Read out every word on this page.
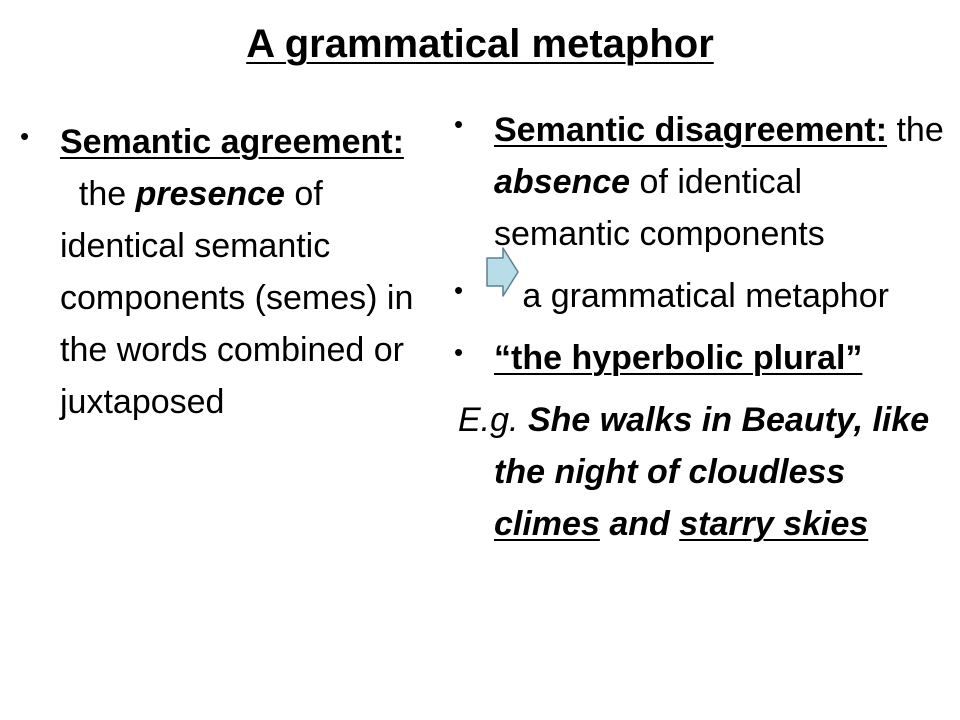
A grammatical metaphor
• Semantic agreement:   the presence of identical semantic components (semes) in the words combined or juxtaposed
• Semantic disagreement: the absence of identical semantic components
• a grammatical metaphor
• “the hyperbolic plural”
E.g. She walks in Beauty, like the night of cloudless climes and starry skies
